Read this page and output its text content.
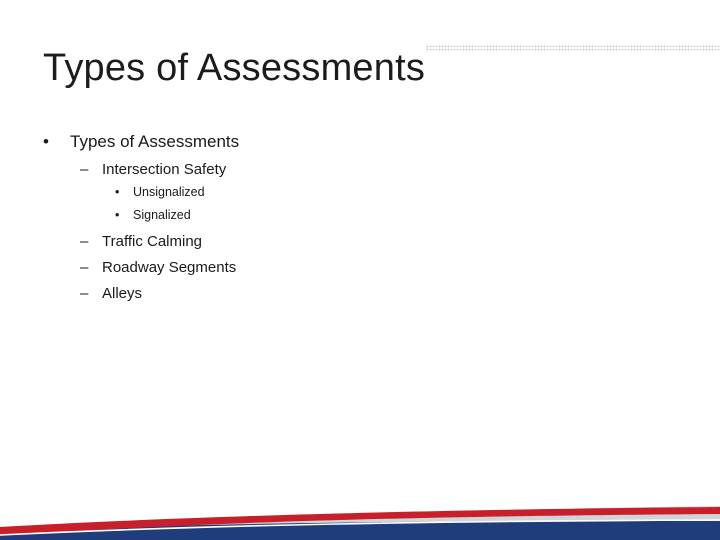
Types of Assessments
• Types of Assessments
– Intersection Safety
• Unsignalized
• Signalized
– Traffic Calming
– Roadway Segments
– Alleys
